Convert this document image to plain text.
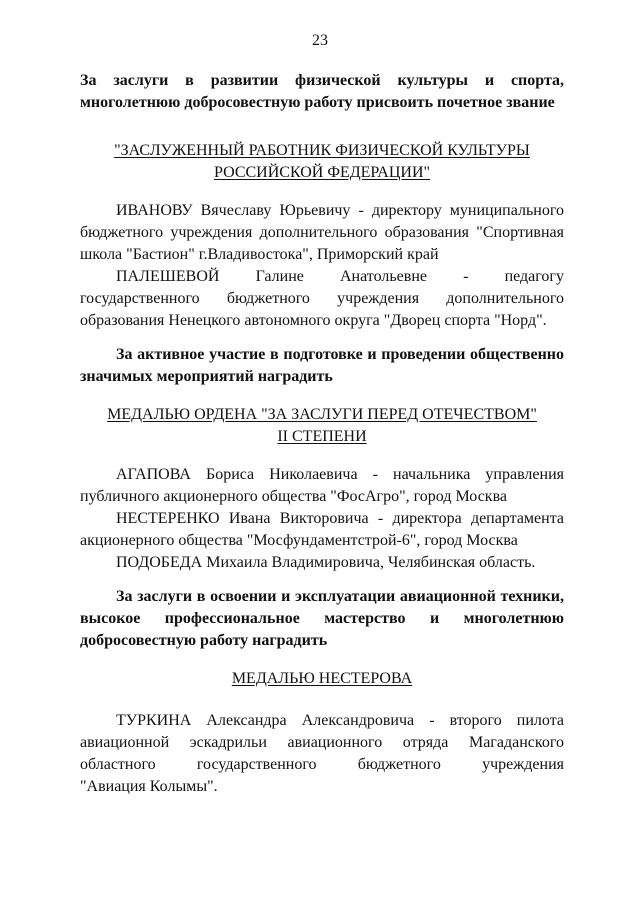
23
За заслуги в развитии физической культуры и спорта,
многолетнюю добросовестную работу присвоить почетное звание
"ЗАСЛУЖЕННЫЙ РАБОТНИК ФИЗИЧЕСКОЙ КУЛЬТУРЫ
РОССИЙСКОЙ ФЕДЕРАЦИИ"
ИВАНОВУ Вячеславу Юрьевичу - директору муниципального
бюджетного учреждения дополнительного образования "Спортивная
школа "Бастион" г.Владивостока", Приморский край
ПАЛЕШЕВОЙ Галине Анатольевне - педагогу
государственного бюджетного учреждения дополнительного
образования Ненецкого автономного округа "Дворец спорта "Норд".
За активное участие в подготовке и проведении общественно
значимых мероприятий наградить
МЕДАЛЬЮ ОРДЕНА "ЗА ЗАСЛУГИ ПЕРЕД ОТЕЧЕСТВОМ"
II СТЕПЕНИ
АГАПОВА Бориса Николаевича - начальника управления
публичного акционерного общества "ФосАгро", город Москва
НЕСТЕРЕНКО Ивана Викторовича - директора департамента
акционерного общества "Мосфундаментстрой-6", город Москва
ПОДОБЕДА Михаила Владимировича, Челябинская область.
За заслуги в освоении и эксплуатации авиационной техники,
высокое профессиональное мастерство и многолетнюю
добросовестную работу наградить
МЕДАЛЬЮ НЕСТЕРОВА
ТУРКИНА Александра Александровича - второго пилота
авиационной эскадрильи авиационного отряда Магаданского
областного государственного бюджетного учреждения
"Авиация Колымы".
